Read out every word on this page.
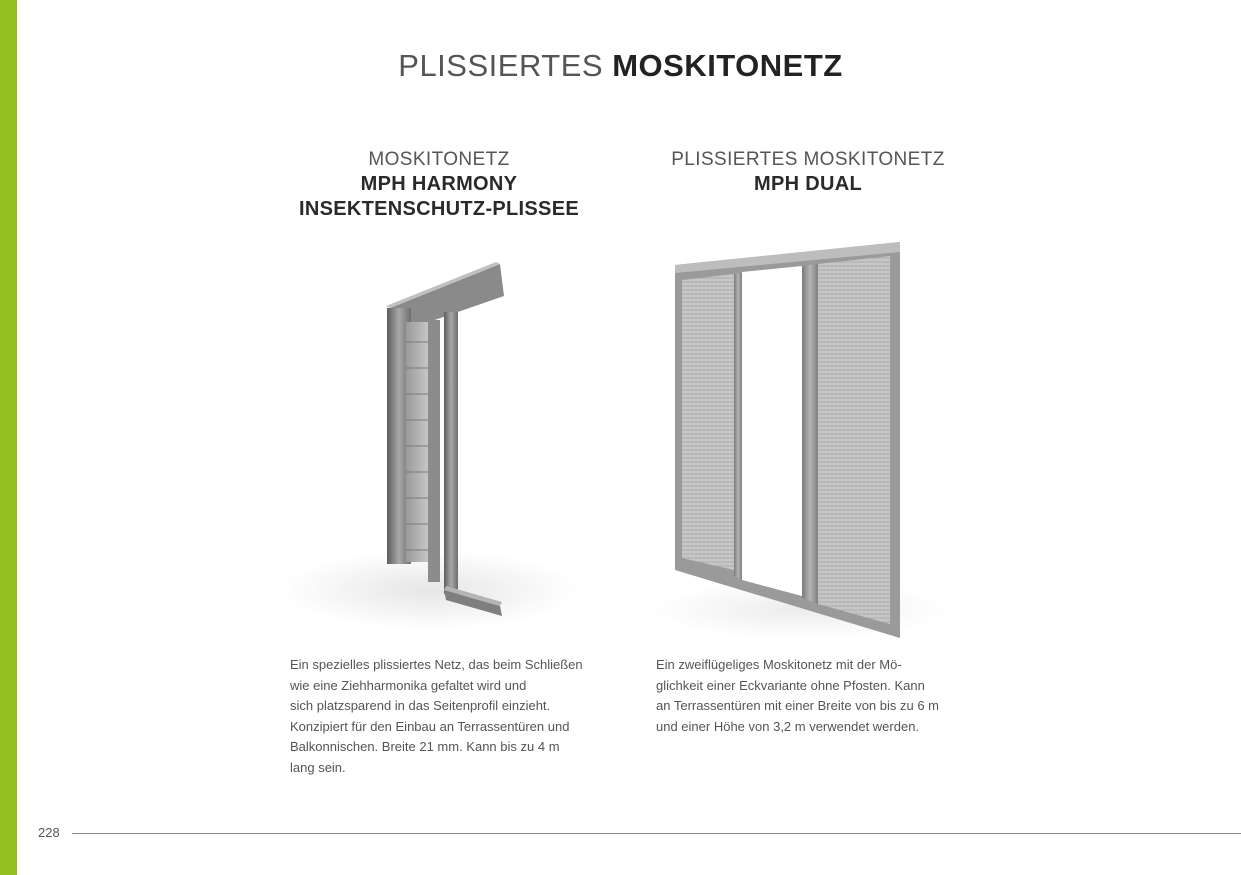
PLISSIERTES MOSKITONETZ
MOSKITONETZ
MPH HARMONY
INSEKTENSCHUTZ-PLISSEE
PLISSIERTES MOSKITONETZ
MPH DUAL
Ein spezielles plissiertes Netz, das beim Schließen
wie eine Ziehharmonika gefaltet wird und
sich platzsparend in das Seitenprofil einzieht.
Konzipiert für den Einbau an Terrassentüren und
Balkonnischen. Breite 21 mm. Kann bis zu 4 m
lang sein.
Ein zweiflügeliges Moskitonetz mit der Mö-
glichkeit einer Eckvariante ohne Pfosten. Kann
an Terrassentüren mit einer Breite von bis zu 6 m
und einer Höhe von 3,2 m verwendet werden.
228
